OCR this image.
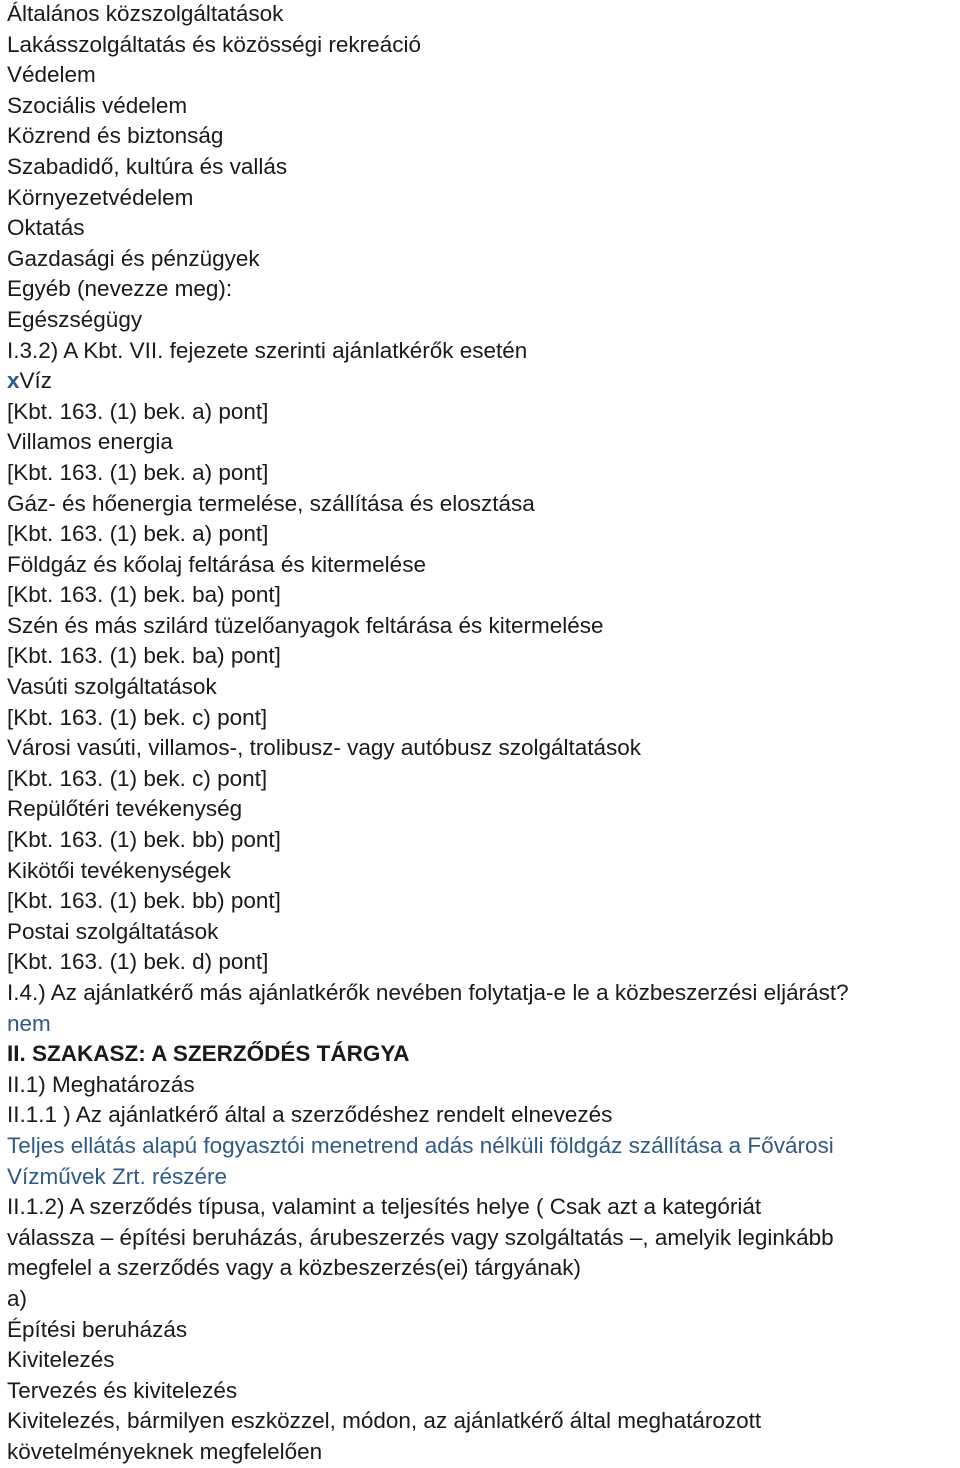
Általános közszolgáltatások
Lakásszolgáltatás és közösségi rekreáció
Védelem
Szociális védelem
Közrend és biztonság
Szabadidő, kultúra és vallás
Környezetvédelem
Oktatás
Gazdasági és pénzügyek
Egyéb (nevezze meg):
Egészségügy
I.3.2) A Kbt. VII. fejezete szerinti ajánlatkérők esetén
xVíz
[Kbt. 163. (1) bek. a) pont]
Villamos energia
[Kbt. 163. (1) bek. a) pont]
Gáz- és hőenergia termelése, szállítása és elosztása
[Kbt. 163. (1) bek. a) pont]
Földgáz és kőolaj feltárása és kitermelése
[Kbt. 163. (1) bek. ba) pont]
Szén és más szilárd tüzelőanyagok feltárása és kitermelése
[Kbt. 163. (1) bek. ba) pont]
Vasúti szolgáltatások
[Kbt. 163. (1) bek. c) pont]
Városi vasúti, villamos-, trolibusz- vagy autóbusz szolgáltatások
[Kbt. 163. (1) bek. c) pont]
Repülőtéri tevékenység
[Kbt. 163. (1) bek. bb) pont]
Kikötői tevékenységek
[Kbt. 163. (1) bek. bb) pont]
Postai szolgáltatások
[Kbt. 163. (1) bek. d) pont]
I.4.) Az ajánlatkérő más ajánlatkérők nevében folytatja-e le a közbeszerzési eljárást?
nem
II. SZAKASZ: A SZERZŐDÉS TÁRGYA
II.1) Meghatározás
II.1.1 ) Az ajánlatkérő által a szerződéshez rendelt elnevezés
Teljes ellátás alapú fogyasztói menetrend adás nélküli földgáz szállítása a Fővárosi
Vízművek Zrt. részére
II.1.2) A szerződés típusa, valamint a teljesítés helye ( Csak azt a kategóriát
válassza – építési beruházás, árubeszerzés vagy szolgáltatás –, amelyik leginkább
megfelel a szerződés vagy a közbeszerzés(ei) tárgyának)
a)
Építési beruházás
Kivitelezés
Tervezés és kivitelezés
Kivitelezés, bármilyen eszközzel, módon, az ajánlatkérő által meghatározott
követelményeknek megfelelően
